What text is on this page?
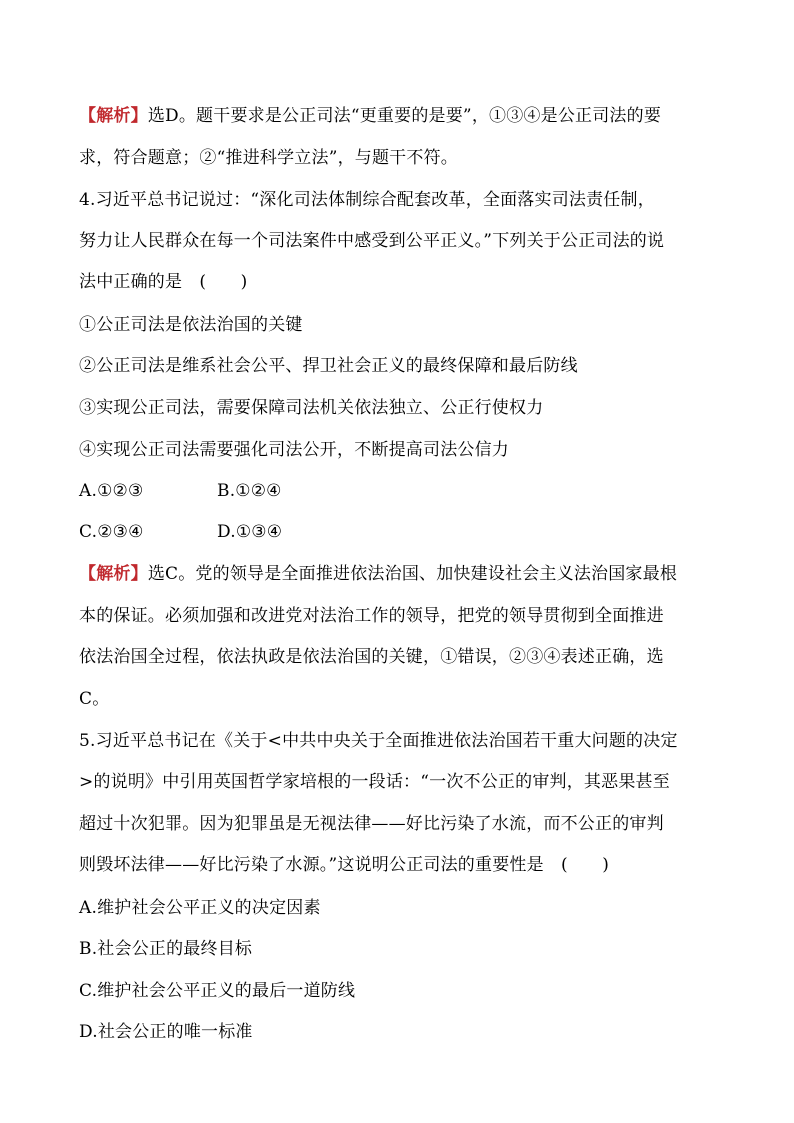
【解析】选D。题干要求是公正司法“更重要的是要”，①③④是公正司法的要
求，符合题意；②“推进科学立法”，与题干不符。
4.习近平总书记说过：“深化司法体制综合配套改革，全面落实司法责任制，
努力让人民群众在每一个司法案件中感受到公平正义。”下列关于公正司法的说
法中正确的是　(　　)
①公正司法是依法治国的关键
②公正司法是维系社会公平、捍卫社会正义的最终保障和最后防线
③实现公正司法，需要保障司法机关依法独立、公正行使权力
④实现公正司法需要强化司法公开，不断提高司法公信力
A.①②③	B.①②④
C.②③④	D.①③④
【解析】选C。党的领导是全面推进依法治国、加快建设社会主义法治国家最根
本的保证。必须加强和改进党对法治工作的领导，把党的领导贯彻到全面推进
依法治国全过程，依法执政是依法治国的关键，①错误，②③④表述正确，选
C。
5.习近平总书记在《关于<中共中央关于全面推进依法治国若干重大问题的决定
>的说明》中引用英国哲学家培根的一段话：“一次不公正的审判，其恶果甚至
超过十次犯罪。因为犯罪虽是无视法律——好比污染了水流，而不公正的审判
则毁坏法律——好比污染了水源。”这说明公正司法的重要性是　(　　)
A.维护社会公平正义的决定因素
B.社会公正的最终目标
C.维护社会公平正义的最后一道防线
D.社会公正的唯一标准
